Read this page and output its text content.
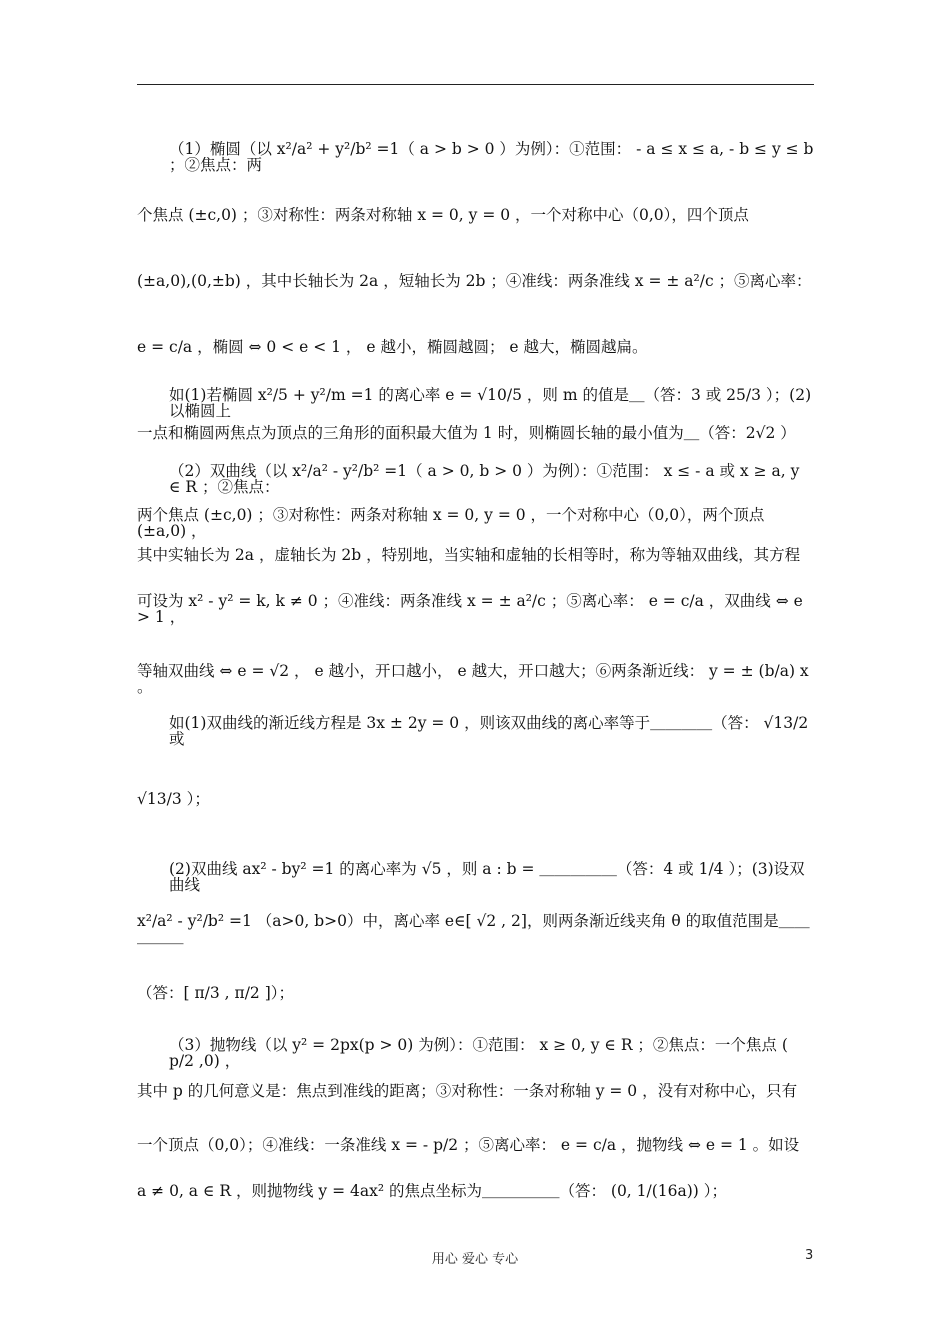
（1）椭圆（以 x²/a² + y²/b² =1（ a > b > 0 ）为例）：①范围： - a ≤ x ≤ a, - b ≤ y ≤ b ；②焦点：两

个焦点 (±c,0) ；③对称性：两条对称轴 x = 0, y = 0 ，一个对称中心（0,0），四个顶点

(±a,0),(0,±b) ，其中长轴长为 2a ，短轴长为 2b ；④准线：两条准线 x = ± a²/c ；⑤离心率：

e = c/a ，椭圆 ⇔ 0 < e < 1 ， e 越小，椭圆越圆； e 越大，椭圆越扁。

如(1)若椭圆 x²/5 + y²/m =1 的离心率 e = √10/5 ，则 m 的值是＿（答：3 或 25/3 ）；(2)以椭圆上

一点和椭圆两焦点为顶点的三角形的面积最大值为 1 时，则椭圆长轴的最小值为＿（答：2√2 ）

（2）双曲线（以 x²/a² - y²/b² =1（ a > 0, b > 0 ）为例）：①范围： x ≤ - a 或 x ≥ a, y ∈ R ；②焦点：

两个焦点 (±c,0) ；③对称性：两条对称轴 x = 0, y = 0 ，一个对称中心（0,0），两个顶点 (±a,0) ，

其中实轴长为 2a ，虚轴长为 2b ，特别地，当实轴和虚轴的长相等时，称为等轴双曲线，其方程

可设为 x² - y² = k, k ≠ 0 ；④准线：两条准线 x = ± a²/c ；⑤离心率： e = c/a ，双曲线 ⇔ e > 1 ，

等轴双曲线 ⇔ e = √2 ， e 越小，开口越小， e 越大，开口越大；⑥两条渐近线： y = ± (b/a) x 。

如(1)双曲线的渐近线方程是 3x ± 2y = 0 ，则该双曲线的离心率等于＿＿＿＿（答： √13/2 或

√13/3 ）；

(2)双曲线 ax² - by² =1 的离心率为 √5 ，则 a : b = ＿＿＿＿＿（答：4 或 1/4 ）；(3)设双曲线

x²/a² - y²/b² =1 （a>0, b>0）中，离心率 e∈[ √2 , 2]，则两条渐近线夹角 θ 的取值范围是＿＿＿＿＿

（答：[ π/3 , π/2 ]）；

（3）抛物线（以 y² = 2px(p > 0) 为例）：①范围： x ≥ 0, y ∈ R ；②焦点：一个焦点 ( p/2 ,0) ，

其中 p 的几何意义是：焦点到准线的距离；③对称性：一条对称轴 y = 0 ，没有对称中心，只有

一个顶点（0,0）；④准线：一条准线 x = - p/2 ；⑤离心率： e = c/a ，抛物线 ⇔ e = 1 。如设

a ≠ 0, a ∈ R ，则抛物线 y = 4ax² 的焦点坐标为＿＿＿＿＿（答： (0, 1/(16a)) ）；

用心 爱心 专心	3
